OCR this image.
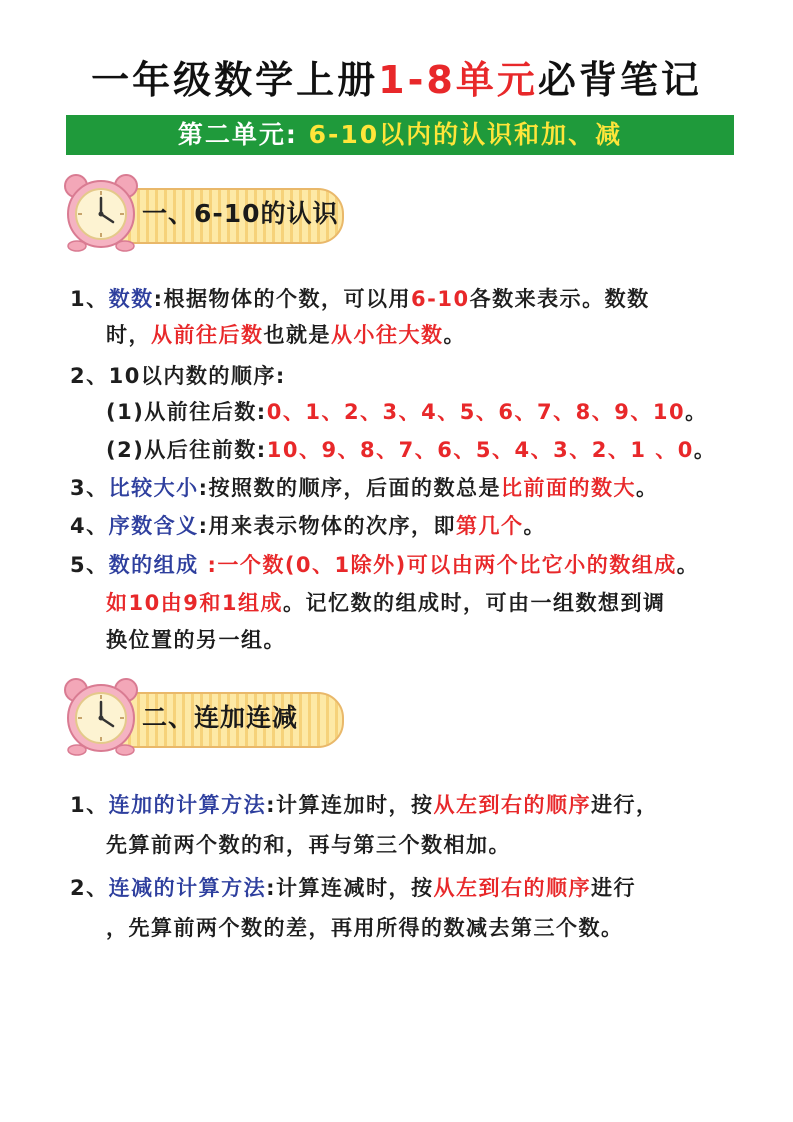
一年级数学上册1-8单元必背笔记
第二单元: 6-10以内的认识和加、减
一、6-10的认识
1、数数:根据物体的个数，可以用6-10各数来表示。数数
时，从前往后数也就是从小往大数。
2、10以内数的顺序:
(1)从前往后数:0、1、2、3、4、5、6、7、8、9、10。
(2)从后往前数:10、9、8、7、6、5、4、3、2、1 、0。
3、比较大小:按照数的顺序，后面的数总是比前面的数大。
4、序数含义:用来表示物体的次序，即第几个。
5、数的组成 :一个数(0、1除外)可以由两个比它小的数组成。
如10由9和1组成。记忆数的组成时，可由一组数想到调
换位置的另一组。
二、连加连减
1、连加的计算方法:计算连加时，按从左到右的顺序进行，
先算前两个数的和，再与第三个数相加。
2、连减的计算方法:计算连减时，按从左到右的顺序进行
，先算前两个数的差，再用所得的数减去第三个数。
